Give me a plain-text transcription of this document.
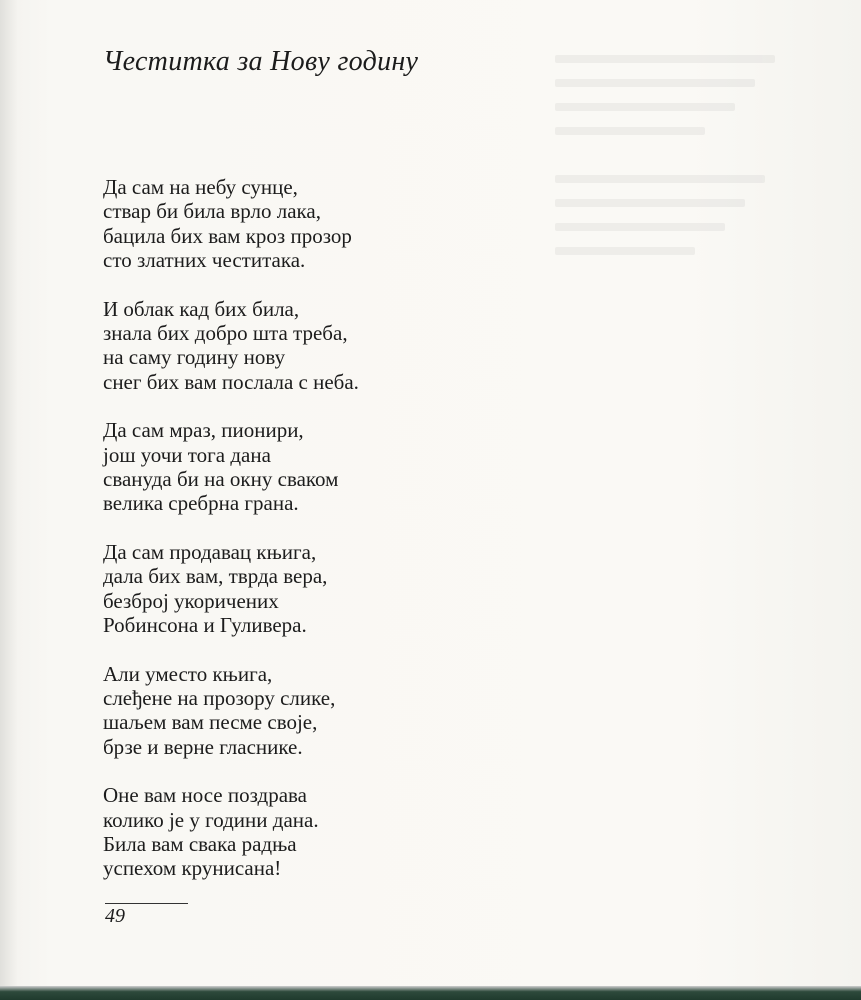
Честитка за Нову годину
Да сам на небу сунце,
ствар би била врло лака,
бацила бих вам кроз прозор
сто златних честитака.
И облак кад бих била,
знала бих добро шта треба,
на саму годину нову
снег бих вам послала с неба.
Да сам мраз, пионири,
још уочи тога дана
свануда би на окну сваком
велика сребрна грана.
Да сам продавац књига,
дала бих вам, тврда вера,
безброј укоричених
Робинсона и Гуливера.
Али уместо књига,
слеђене на прозору слике,
шаљем вам песме своје,
брзе и верне гласнике.
Оне вам носе поздрава
колико је у години дана.
Била вам свака радња
успехом крунисана!
49
